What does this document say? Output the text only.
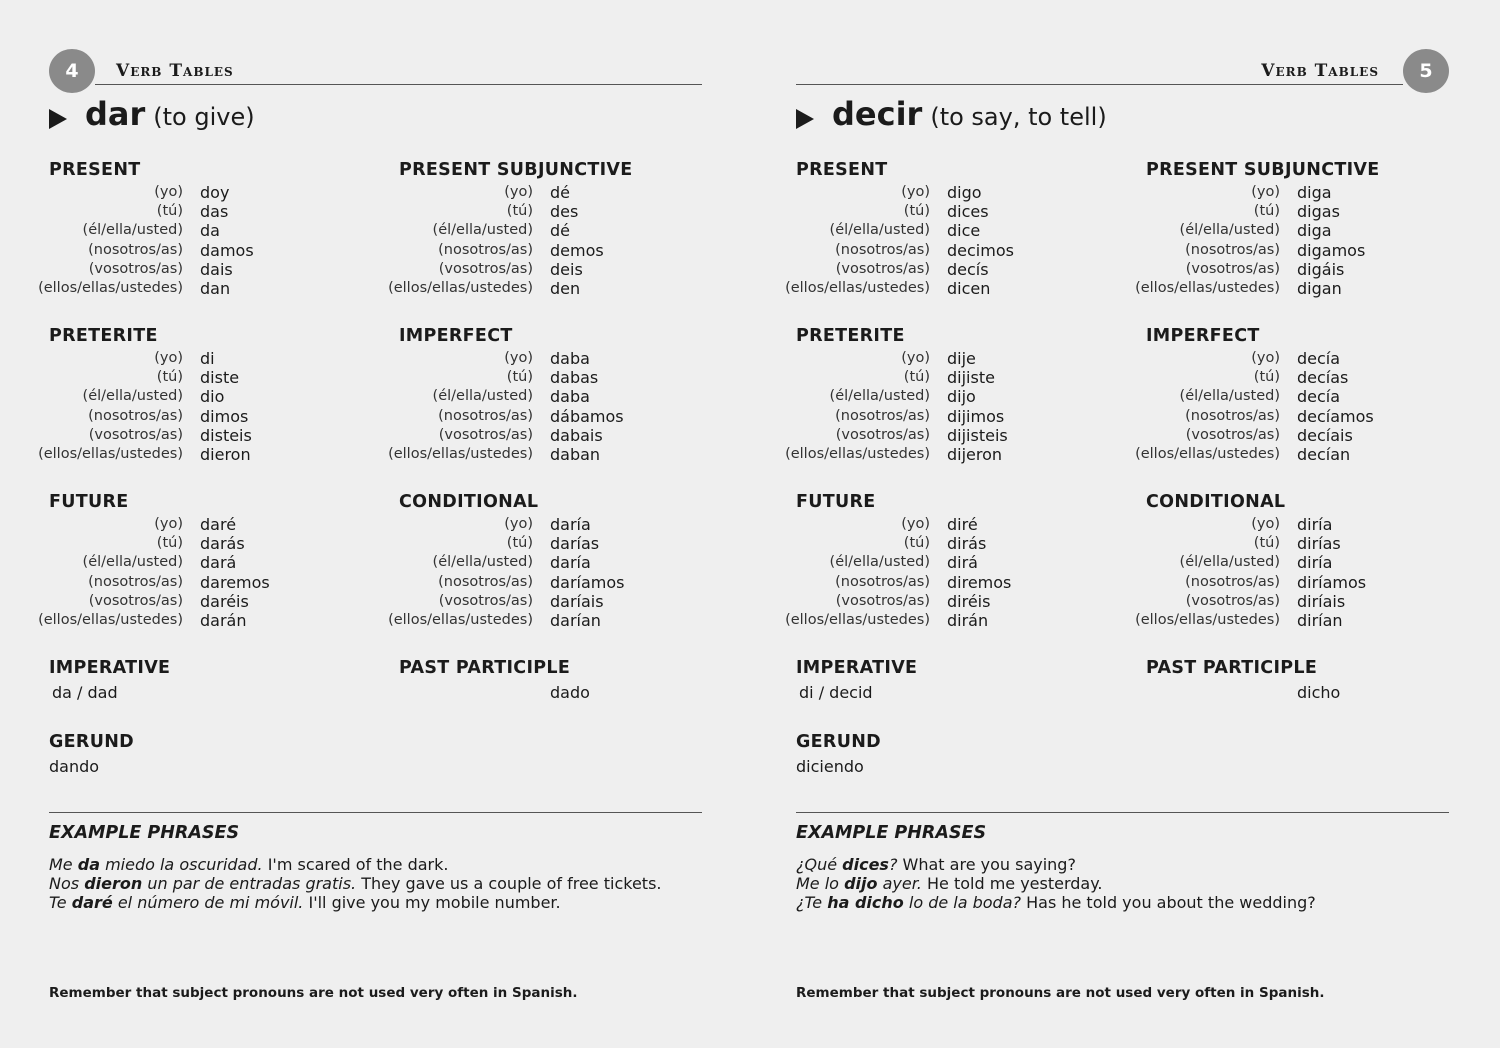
4	Verb Tables
dar (to give)
PRESENT
(yo) doy
(tú) das
(él/ella/usted) da
(nosotros/as) damos
(vosotros/as) dais
(ellos/ellas/ustedes) dan
PRESENT SUBJUNCTIVE
(yo) dé
(tú) des
(él/ella/usted) dé
(nosotros/as) demos
(vosotros/as) deis
(ellos/ellas/ustedes) den
PRETERITE
(yo) di
(tú) diste
(él/ella/usted) dio
(nosotros/as) dimos
(vosotros/as) disteis
(ellos/ellas/ustedes) dieron
IMPERFECT
(yo) daba
(tú) dabas
(él/ella/usted) daba
(nosotros/as) dábamos
(vosotros/as) dabais
(ellos/ellas/ustedes) daban
FUTURE
(yo) daré
(tú) darás
(él/ella/usted) dará
(nosotros/as) daremos
(vosotros/as) daréis
(ellos/ellas/ustedes) darán
CONDITIONAL
(yo) daría
(tú) darías
(él/ella/usted) daría
(nosotros/as) daríamos
(vosotros/as) daríais
(ellos/ellas/ustedes) darían
IMPERATIVE
da / dad
PAST PARTICIPLE
dado
GERUND
dando
EXAMPLE PHRASES
Me da miedo la oscuridad. I'm scared of the dark.
Nos dieron un par de entradas gratis. They gave us a couple of free tickets.
Te daré el número de mi móvil. I'll give you my mobile number.
Remember that subject pronouns are not used very often in Spanish.
5
Verb Tables
decir (to say, to tell)
PRESENT
(yo) digo
(tú) dices
(él/ella/usted) dice
(nosotros/as) decimos
(vosotros/as) decís
(ellos/ellas/ustedes) dicen
PRESENT SUBJUNCTIVE
(yo) diga
(tú) digas
(él/ella/usted) diga
(nosotros/as) digamos
(vosotros/as) digáis
(ellos/ellas/ustedes) digan
PRETERITE
(yo) dije
(tú) dijiste
(él/ella/usted) dijo
(nosotros/as) dijimos
(vosotros/as) dijisteis
(ellos/ellas/ustedes) dijeron
IMPERFECT
(yo) decía
(tú) decías
(él/ella/usted) decía
(nosotros/as) decíamos
(vosotros/as) decíais
(ellos/ellas/ustedes) decían
FUTURE
(yo) diré
(tú) dirás
(él/ella/usted) dirá
(nosotros/as) diremos
(vosotros/as) diréis
(ellos/ellas/ustedes) dirán
CONDITIONAL
(yo) diría
(tú) dirías
(él/ella/usted) diría
(nosotros/as) diríamos
(vosotros/as) diríais
(ellos/ellas/ustedes) dirían
IMPERATIVE
di / decid
PAST PARTICIPLE
dicho
GERUND
diciendo
EXAMPLE PHRASES
¿Qué dices? What are you saying?
Me lo dijo ayer. He told me yesterday.
¿Te ha dicho lo de la boda? Has he told you about the wedding?
Remember that subject pronouns are not used very often in Spanish.
